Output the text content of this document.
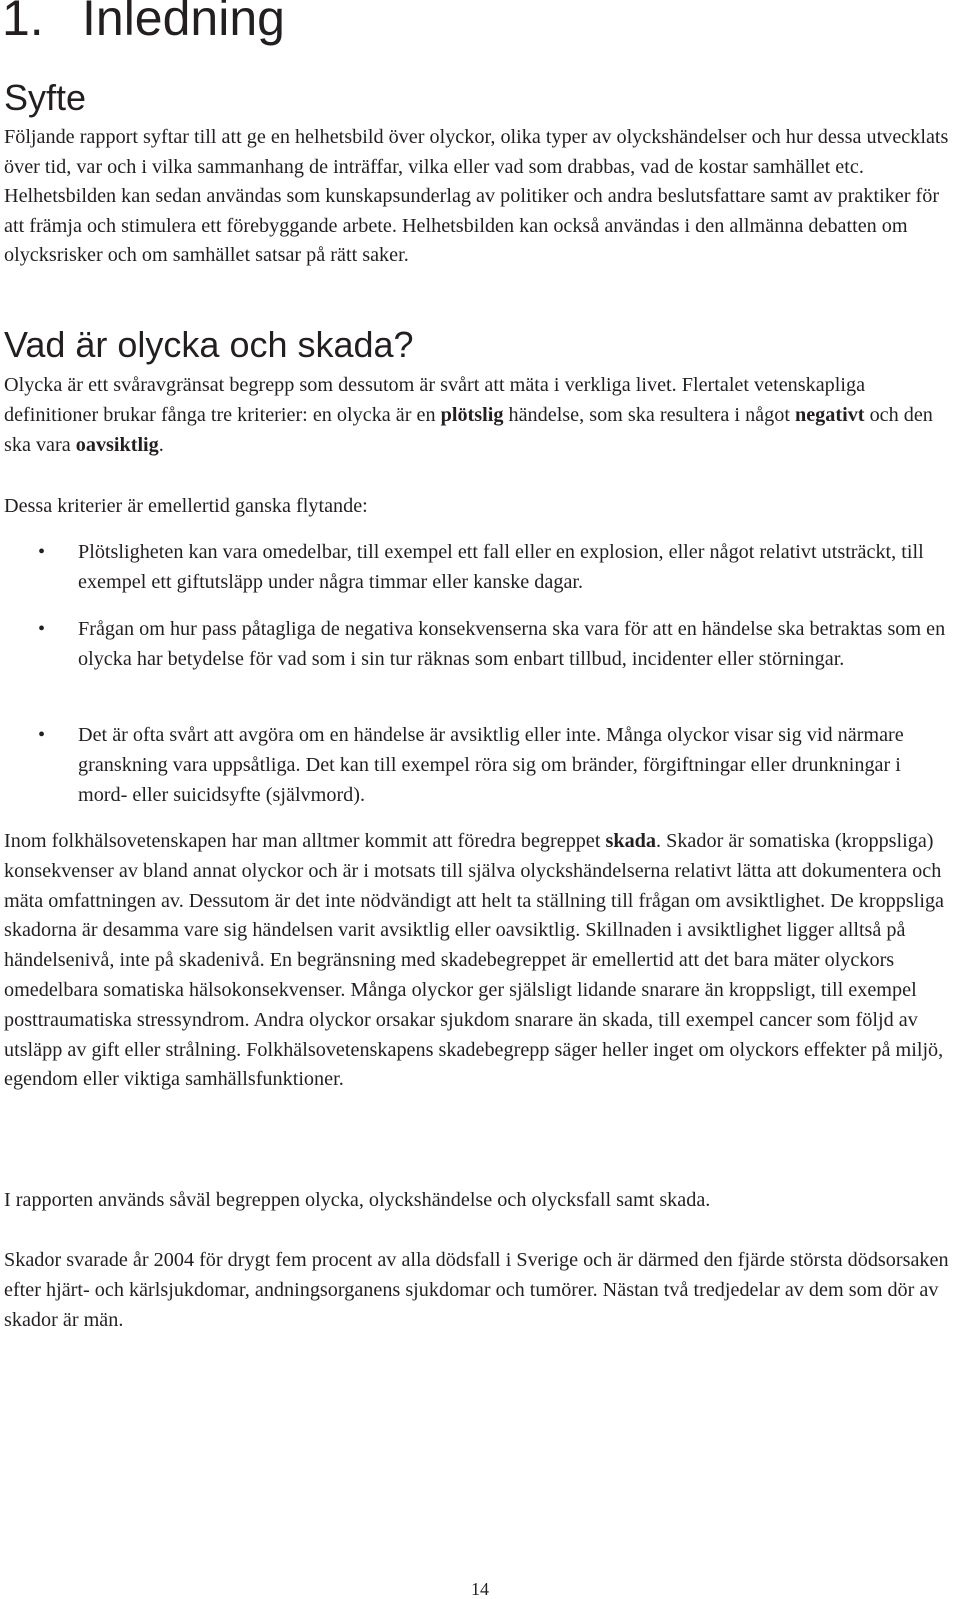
1. Inledning
Syfte

Följande rapport syftar till att ge en helhetsbild över olyckor, olika typer av olyckshändelser och hur dessa utvecklats över tid, var och i vilka sammanhang de inträffar, vilka eller vad som drabbas, vad de kostar samhället etc. Helhetsbilden kan sedan användas som kunskapsunderlag av politiker och andra beslutsfattare samt av praktiker för att främja och stimulera ett förebyggande arbete. Helhetsbilden kan också användas i den allmänna debatten om olycksrisker och om samhället satsar på rätt saker.

Vad är olycka och skada?

Olycka är ett svåravgränsat begrepp som dessutom är svårt att mäta i verkliga livet. Flertalet vetenskapliga definitioner brukar fånga tre kriterier: en olycka är en plötslig händelse, som ska resultera i något negativt och den ska vara oavsiktlig.

Dessa kriterier är emellertid ganska flytande:

• Plötsligheten kan vara omedelbar, till exempel ett fall eller en explosion, eller något relativt utsträckt, till exempel ett giftutsläpp under några timmar eller kanske dagar.
• Frågan om hur pass påtagliga de negativa konsekvenserna ska vara för att en händelse ska betraktas som en olycka har betydelse för vad som i sin tur räknas som enbart tillbud, incidenter eller störningar.
• Det är ofta svårt att avgöra om en händelse är avsiktlig eller inte. Många olyckor visar sig vid närmare granskning vara uppsåtliga. Det kan till exempel röra sig om bränder, förgiftningar eller drunkningar i mord- eller suicidsyfte (självmord).

Inom folkhälsovetenskapen har man alltmer kommit att föredra begreppet skada. Skador är somatiska (kroppsliga) konsekvenser av bland annat olyckor och är i motsats till själva olyckshändelserna relativt lätta att dokumentera och mäta omfattningen av. Dessutom är det inte nödvändigt att helt ta ställning till frågan om avsiktlighet. De kroppsliga skadorna är desamma vare sig händelsen varit avsiktlig eller oavsiktlig. Skillnaden i avsiktlighet ligger alltså på händelsenivå, inte på skadenivå. En begränsning med skadebegreppet är emellertid att det bara mäter olyckors omedelbara somatiska hälsokonsekvenser. Många olyckor ger själsligt lidande snarare än kroppsligt, till exempel posttraumatiska stressyndrom. Andra olyckor orsakar sjukdom snarare än skada, till exempel cancer som följd av utsläpp av gift eller strålning. Folkhälsovetenskapens skadebegrepp säger heller inget om olyckors effekter på miljö, egendom eller viktiga samhällsfunktioner.

I rapporten används såväl begreppen olycka, olyckshändelse och olycksfall samt skada.

Skador svarade år 2004 för drygt fem procent av alla dödsfall i Sverige och är därmed den fjärde största dödsorsaken efter hjärt- och kärlsjukdomar, andningsorganens sjukdomar och tumörer. Nästan två tredjedelar av dem som dör av skador är män.

14
